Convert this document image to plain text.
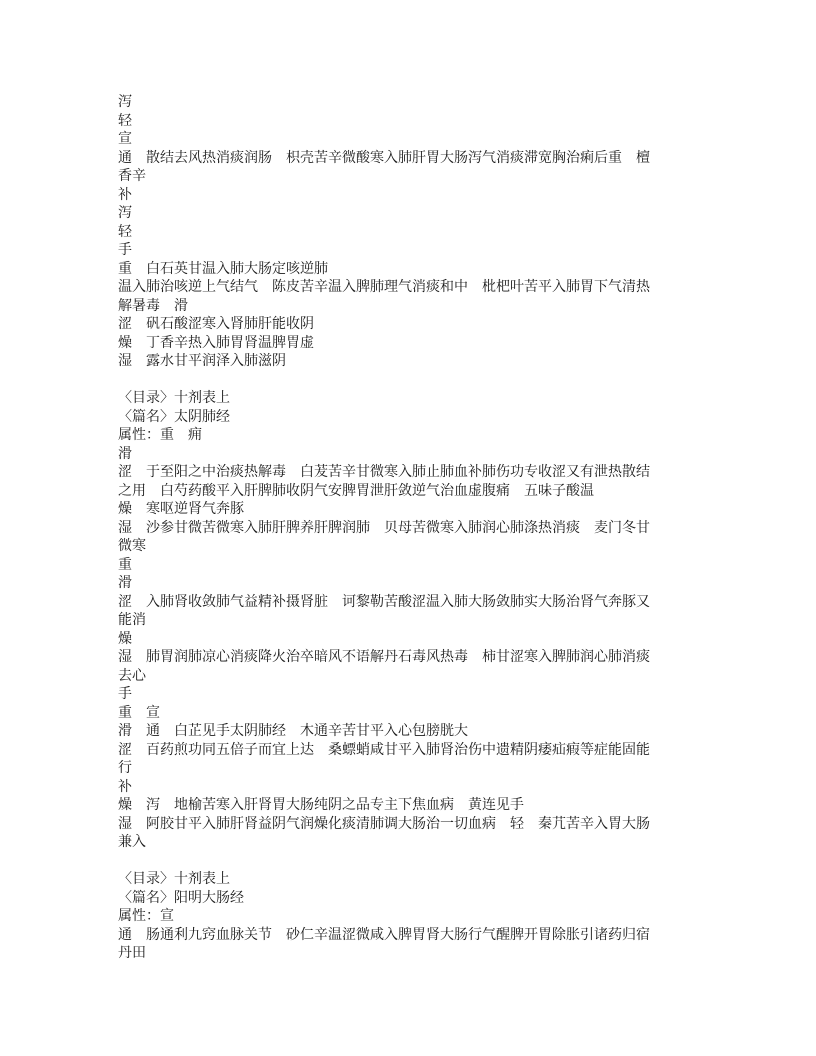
泻
轻
宣
通　散结去风热消痰润肠　枳壳苦辛微酸寒入肺肝胃大肠泻气消痰滞宽胸治痢后重　檀
香辛
补
泻
轻
手
重　白石英甘温入肺大肠定咳逆肺
温入肺治咳逆上气结气　陈皮苦辛温入脾肺理气消痰和中　枇杷叶苦平入肺胃下气清热
解暑毒　滑
涩　矾石酸涩寒入肾肺肝能收阴
燥　丁香辛热入肺胃肾温脾胃虚
湿　露水甘平润泽入肺滋阴
〈目录〉十剂表上
〈篇名〉太阴肺经
属性：重　痈
滑
涩　于至阳之中治痰热解毒　白茇苦辛甘微寒入肺止肺血补肺伤功专收涩又有泄热散结
之用　白芍药酸平入肝脾肺收阴气安脾胃泄肝敛逆气治血虚腹痛　五味子酸温
燥　寒呕逆肾气奔豚
湿　沙参甘微苦微寒入肺肝脾养肝脾润肺　贝母苦微寒入肺润心肺涤热消痰　麦门冬甘
微寒
重
滑
涩　入肺肾收敛肺气益精补摄肾脏　诃黎勒苦酸涩温入肺大肠敛肺实大肠治肾气奔豚又
能消
燥
湿　肺胃润肺凉心消痰降火治卒暗风不语解丹石毒风热毒　柿甘涩寒入脾肺润心肺消痰
去心
手
重　宣
滑　通　白芷见手太阴肺经　木通辛苦甘平入心包膀胱大
涩　百药煎功同五倍子而宜上达　桑螵蛸咸甘平入肺肾治伤中遗精阴痿疝瘕等症能固能
行
补
燥　泻　地榆苦寒入肝肾胃大肠纯阴之品专主下焦血病　黄连见手
湿　阿胶甘平入肺肝肾益阴气润燥化痰清肺调大肠治一切血病　轻　秦芁苦辛入胃大肠
兼入
〈目录〉十剂表上
〈篇名〉阳明大肠经
属性：宣
通　肠通利九窍血脉关节　砂仁辛温涩微咸入脾胃肾大肠行气醒脾开胃除胀引诸药归宿
丹田
